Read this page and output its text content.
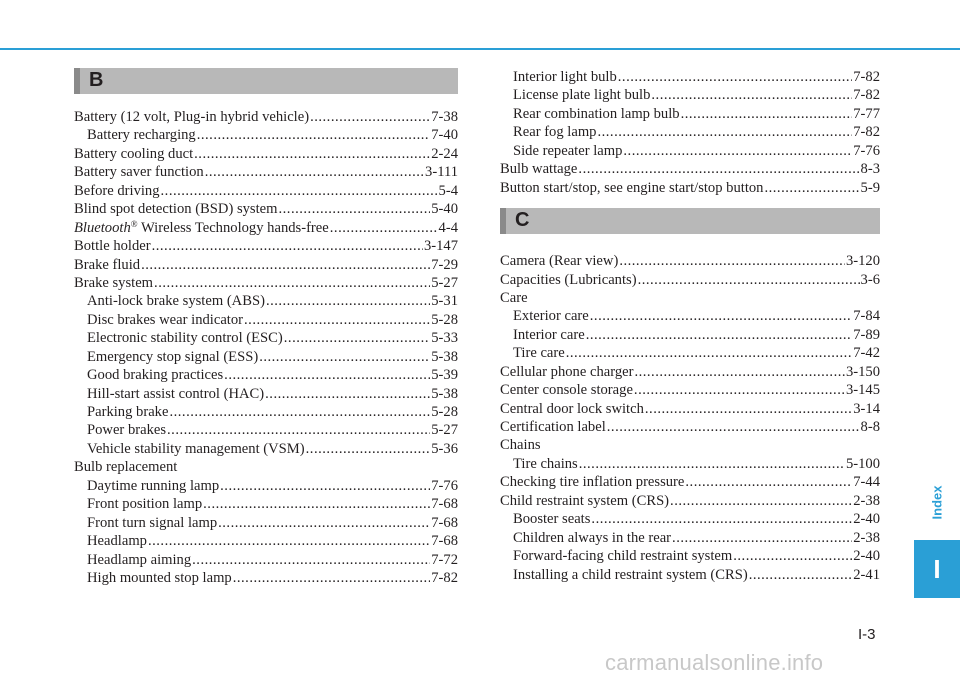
B
Battery (12 volt, Plug-in hybrid vehicle) .....	7-38
Battery recharging .....	7-40
Battery cooling duct .....	2-24
Battery saver function .....	3-111
Before driving .....	5-4
Blind spot detection (BSD) system .....	5-40
Bluetooth® Wireless Technology hands-free .....	4-4
Bottle holder .....	3-147
Brake fluid .....	7-29
Brake system .....	5-27
Anti-lock brake system (ABS) .....	5-31
Disc brakes wear indicator .....	5-28
Electronic stability control (ESC) .....	5-33
Emergency stop signal (ESS) .....	5-38
Good braking practices .....	5-39
Hill-start assist control (HAC) .....	5-38
Parking brake .....	5-28
Power brakes .....	5-27
Vehicle stability management (VSM) .....	5-36
Bulb replacement
Daytime running lamp .....	7-76
Front position lamp .....	7-68
Front turn signal lamp .....	7-68
Headlamp .....	7-68
Headlamp aiming .....	7-72
High mounted stop lamp .....	7-82
Interior light bulb .....	7-82
License plate light bulb .....	7-82
Rear combination lamp bulb .....	7-77
Rear fog lamp .....	7-82
Side repeater lamp .....	7-76
Bulb wattage .....	8-3
Button start/stop, see engine start/stop button .....	5-9
C
Camera (Rear view) .....	3-120
Capacities (Lubricants) .....	3-6
Care
Exterior care .....	7-84
Interior care .....	7-89
Tire care .....	7-42
Cellular phone charger .....	3-150
Center console storage .....	3-145
Central door lock switch .....	3-14
Certification label .....	8-8
Chains
Tire chains .....	5-100
Checking tire inflation pressure .....	7-44
Child restraint system (CRS) .....	2-38
Booster seats .....	2-40
Children always in the rear .....	2-38
Forward-facing child restraint system .....	2-40
Installing a child restraint system (CRS) .....	2-41
Index
I
I-3
carmanualsonline.info
